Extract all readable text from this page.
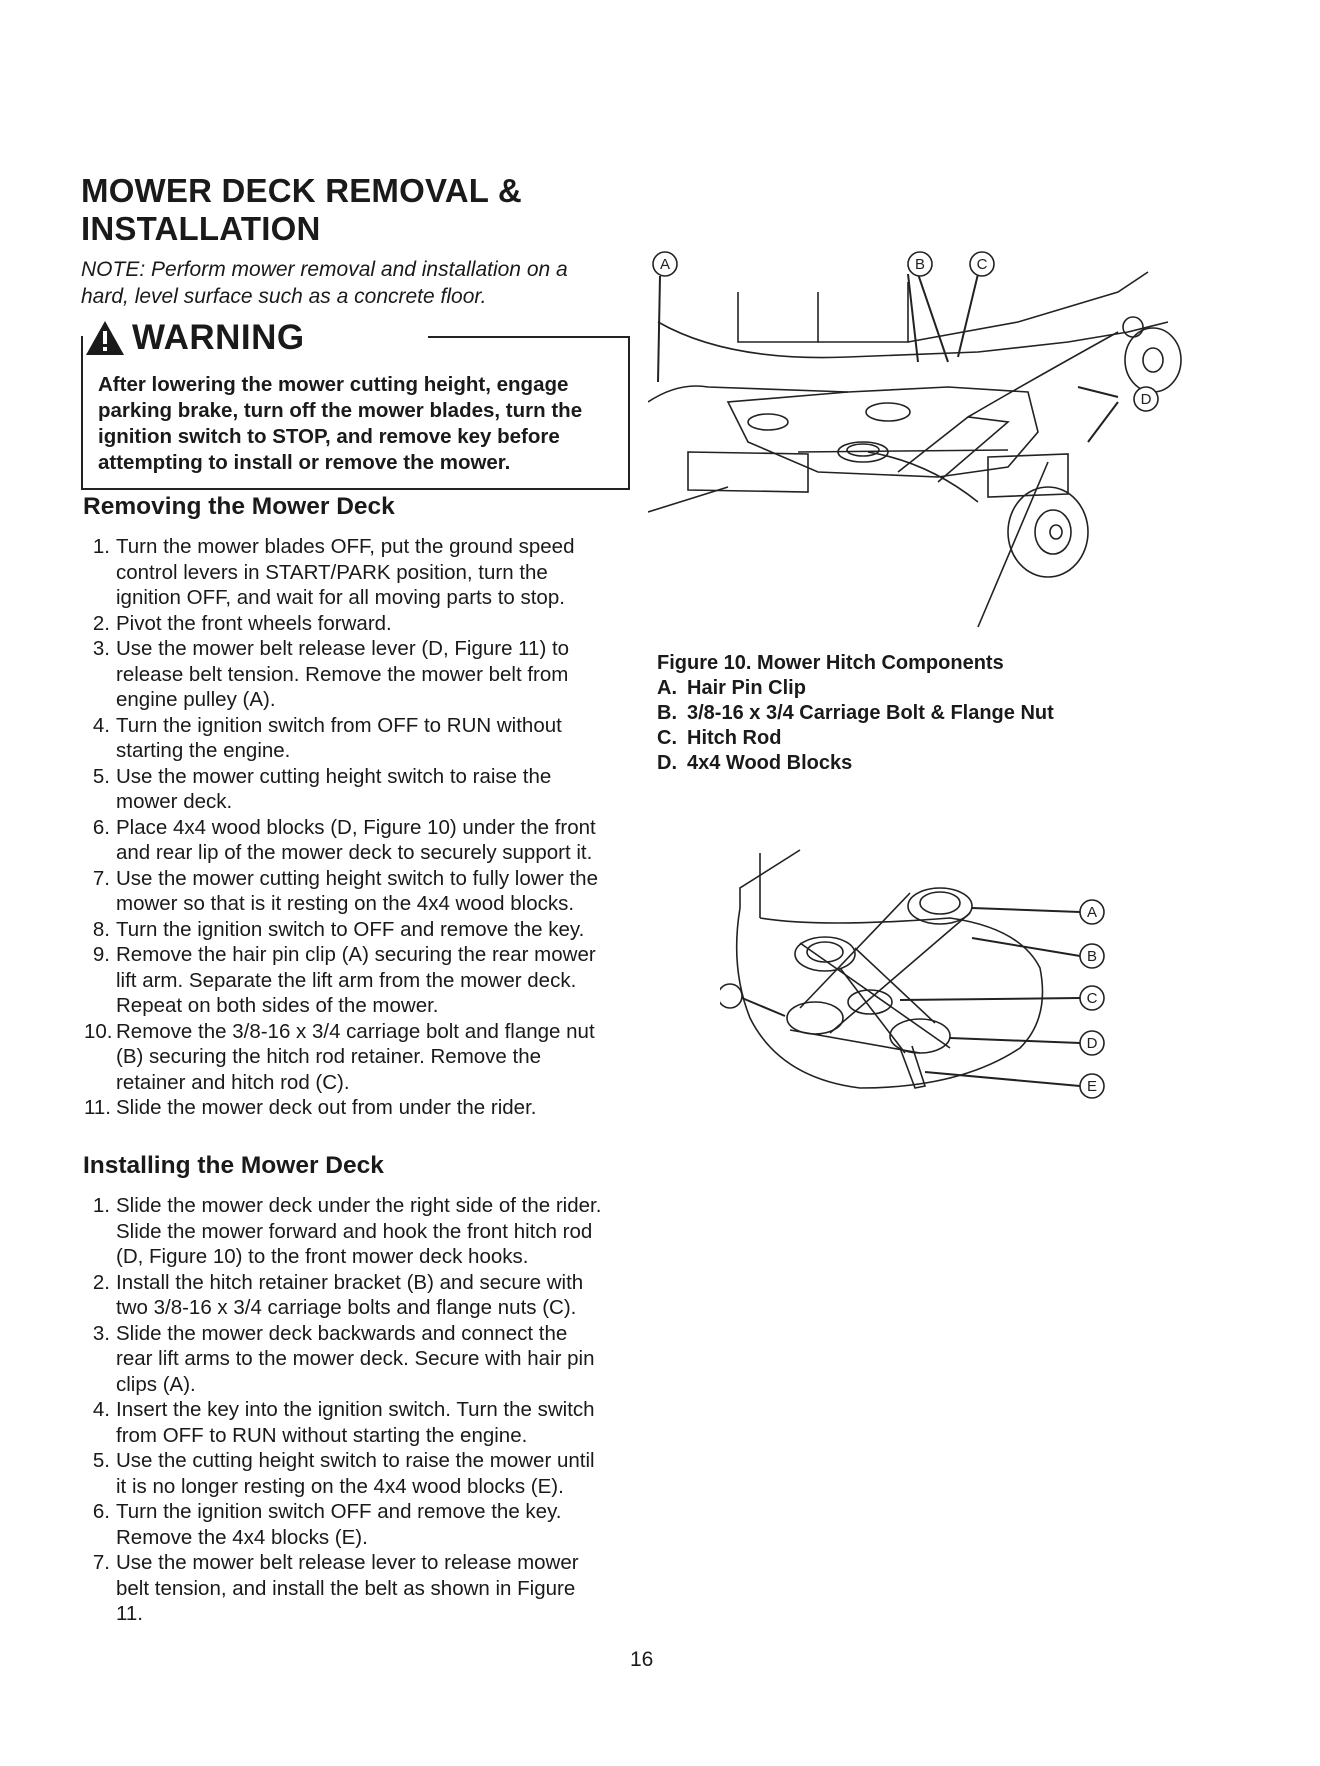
MOWER DECK REMOVAL &
INSTALLATION
NOTE: Perform mower removal and installation on a
hard, level surface such as a concrete floor.
WARNING
After lowering the mower cutting height, engage
parking brake, turn off the mower blades, turn the
ignition switch to STOP, and remove key before
attempting to install or remove the mower.
Removing the Mower Deck
1. Turn the mower blades OFF, put the ground speed
control levers in START/PARK position, turn the
ignition OFF, and wait for all moving parts to stop.
2. Pivot the front wheels forward.
3. Use the mower belt release lever (D, Figure 11) to
release belt tension. Remove the mower belt from
engine pulley (A).
4. Turn the ignition switch from OFF to RUN without
starting the engine.
5. Use the mower cutting height switch to raise the
mower deck.
6. Place 4x4 wood blocks (D, Figure 10) under the front
and rear lip of the mower deck to securely support it.
7. Use the mower cutting height switch to fully lower the
mower so that is it resting on the 4x4 wood blocks.
8. Turn the ignition switch to OFF and remove the key.
9. Remove the hair pin clip (A) securing the rear mower
lift arm. Separate the lift arm from the mower deck.
Repeat on both sides of the mower.
10. Remove the 3/8-16 x 3/4 carriage bolt and flange nut
(B) securing the hitch rod retainer. Remove the
retainer and hitch rod (C).
11. Slide the mower deck out from under the rider.
Installing the Mower Deck
1. Slide the mower deck under the right side of the rider.
Slide the mower forward and hook the front hitch rod
(D, Figure 10) to the front mower deck hooks.
2. Install the hitch retainer bracket (B) and secure with
two 3/8-16 x 3/4 carriage bolts and flange nuts (C).
3. Slide the mower deck backwards and connect the
rear lift arms to the mower deck. Secure with hair pin
clips (A).
4. Insert the key into the ignition switch. Turn the switch
from OFF to RUN without starting the engine.
5. Use the cutting height switch to raise the mower until
it is no longer resting on the 4x4 wood blocks (E).
6. Turn the ignition switch OFF and remove the key.
Remove the 4x4 blocks (E).
7. Use the mower belt release lever to release mower
belt tension, and install the belt as shown in Figure
11.
A	B	C
D
Figure 10. Mower Hitch Components
A. Hair Pin Clip
B. 3/8-16 x 3/4 Carriage Bolt & Flange Nut
C. Hitch Rod
D. 4x4 Wood Blocks
A
B
C
D
E
16
